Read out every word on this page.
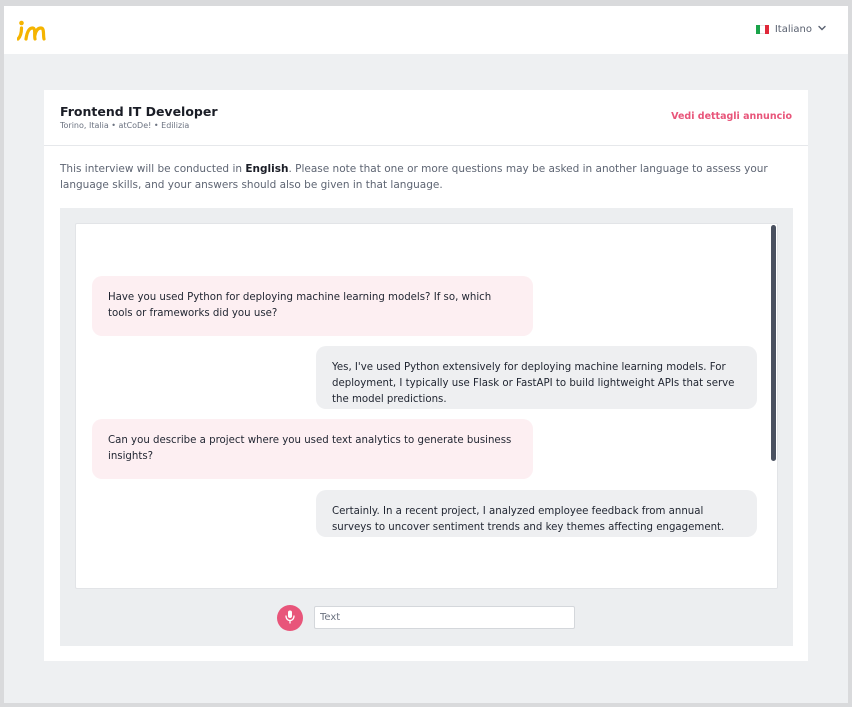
Italiano
Frontend IT Developer
Torino, Italia • atCoDe! • Edilizia
Vedi dettagli annuncio
This interview will be conducted in English. Please note that one or more questions may be asked in another language to assess your language skills, and your answers should also be given in that language.
Have you used Python for deploying machine learning models? If so, which tools or frameworks did you use?
Yes, I've used Python extensively for deploying machine learning models. For deployment, I typically use Flask or FastAPI to build lightweight APIs that serve the model predictions.
Can you describe a project where you used text analytics to generate business insights?
Certainly. In a recent project, I analyzed employee feedback from annual surveys to uncover sentiment trends and key themes affecting engagement.
Text
